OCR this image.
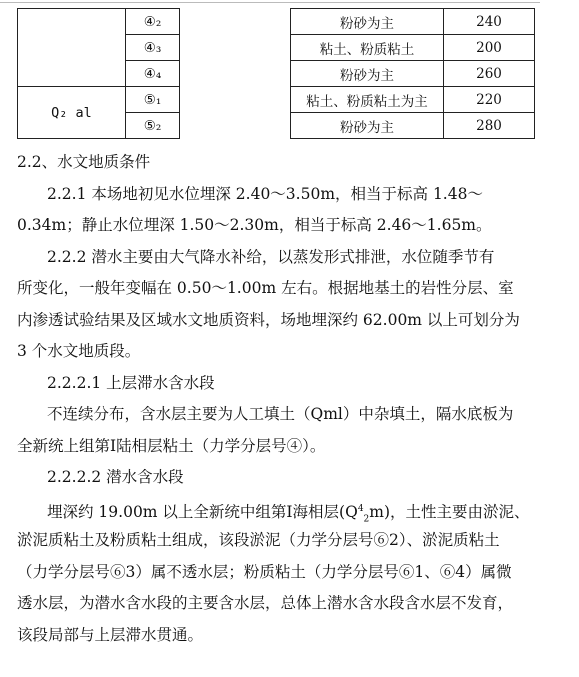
	④₂		粉砂为主	240
	④₃		粘土、粉质粘土	200
	④₄		粉砂为主	260
Q₂ al	⑤₁		粘土、粉质粘土为主	220
	⑤₂		粉砂为主	280
2.2、水文地质条件
2.2.1 本场地初见水位埋深 2.40～3.50m，相当于标高 1.48～
0.34m；静止水位埋深 1.50～2.30m，相当于标高 2.46～1.65m。
2.2.2 潜水主要由大气降水补给，以蒸发形式排泄，水位随季节有
所变化，一般年变幅在 0.50～1.00m 左右。根据地基土的岩性分层、室
内渗透试验结果及区域水文地质资料，场地埋深约 62.00m 以上可划分为
3 个水文地质段。
2.2.2.1 上层滞水含水段
不连续分布，含水层主要为人工填土（Qml）中杂填土，隔水底板为
全新统上组第Ⅰ陆相层粘土（力学分层号④）。
2.2.2.2 潜水含水段
埋深约 19.00m 以上全新统中组第Ⅰ海相层$(Q^4_2m)$，土性主要由淤泥、
淤泥质粘土及粉质粘土组成，该段淤泥（力学分层号⑥2）、淤泥质粘土
（力学分层号⑥3）属不透水层；粉质粘土（力学分层号⑥1、⑥4）属微
透水层，为潜水含水段的主要含水层，总体上潜水含水段含水层不发育，
该段局部与上层滞水贯通。
